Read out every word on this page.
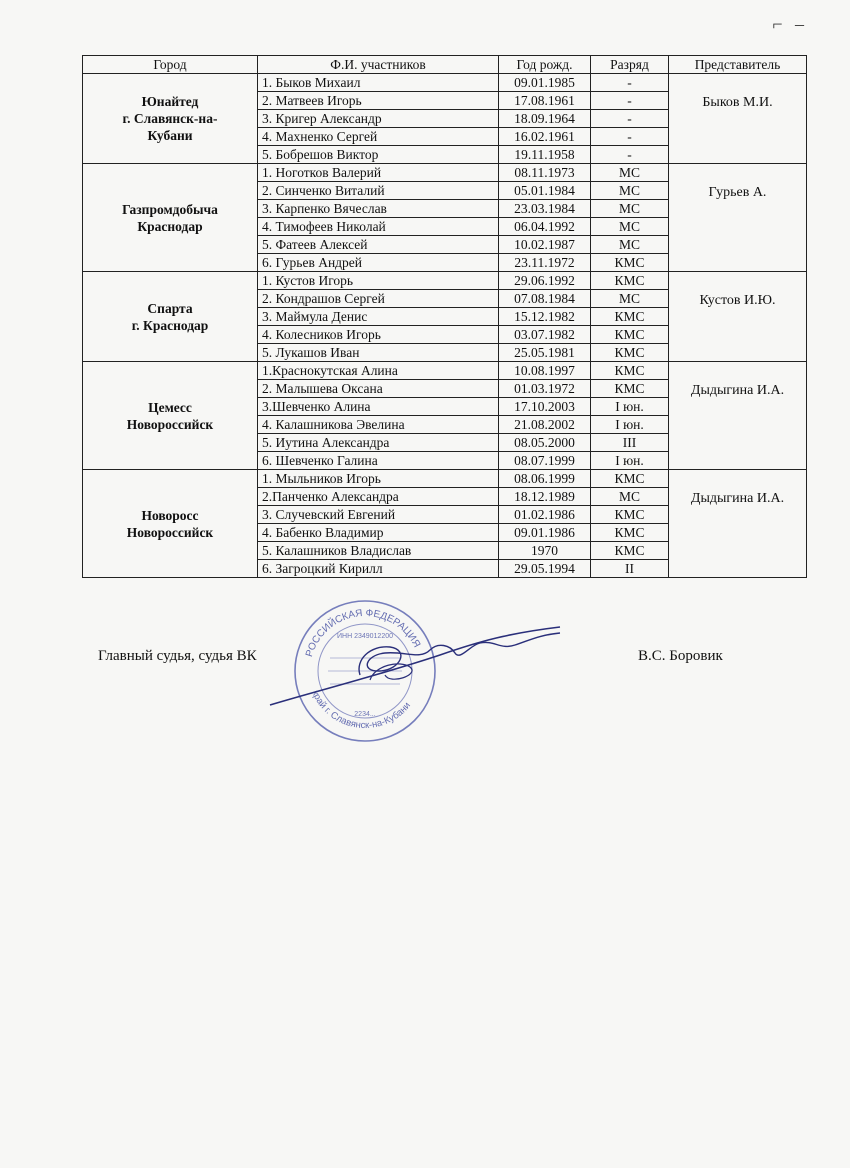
⌐ –
Город	Ф.И. участников	Год рожд.	Разряд	Представитель
Юнайтед
г. Славянск-на-
Кубани	1. Быков Михаил	09.01.1985	-	Быков М.И.
	2. Матвеев Игорь	17.08.1961	-	
	3. Кригер Александр	18.09.1964	-	
	4. Махненко Сергей	16.02.1961	-	
	5. Бобрешов Виктор	19.11.1958	-	
Газпромдобыча
Краснодар	1. Ноготков Валерий	08.11.1973	МС	Гурьев А.
	2. Синченко Виталий	05.01.1984	МС	
	3. Карпенко Вячеслав	23.03.1984	МС	
	4. Тимофеев Николай	06.04.1992	МС	
	5. Фатеев Алексей	10.02.1987	МС	
	6. Гурьев Андрей	23.11.1972	КМС	
Спарта
г. Краснодар	1. Кустов Игорь	29.06.1992	КМС	Кустов И.Ю.
	2. Кондрашов Сергей	07.08.1984	МС	
	3. Маймула Денис	15.12.1982	КМС	
	4. Колесников Игорь	03.07.1982	КМС	
	5. Лукашов Иван	25.05.1981	КМС	
Цемесс
Новороссийск	1.Краснокутская Алина	10.08.1997	КМС	Дыдыгина И.А.
	2. Малышева Оксана	01.03.1972	КМС	
	3.Шевченко Алина	17.10.2003	I юн.	
	4. Калашникова Эвелина	21.08.2002	I юн.	
	5. Иутина Александра	08.05.2000	III	
	6. Шевченко Галина	08.07.1999	I юн.	
Новоросс
Новороссийск	1. Мыльников Игорь	08.06.1999	КМС	Дыдыгина И.А.
	2.Панченко Александра	18.12.1989	МС	
	3. Случевский Евгений	01.02.1986	КМС	
	4. Бабенко Владимир	09.01.1986	КМС	
	5. Калашников Владислав	1970	КМС	
	6. Загроцкий Кирилл	29.05.1994	II	
РОССИЙСКАЯ ФЕДЕРАЦИЯ
край г. Славянск-на-Кубани
ИНН 2349012200
2234...
Главный судья, судья ВК	В.С. Боровик
